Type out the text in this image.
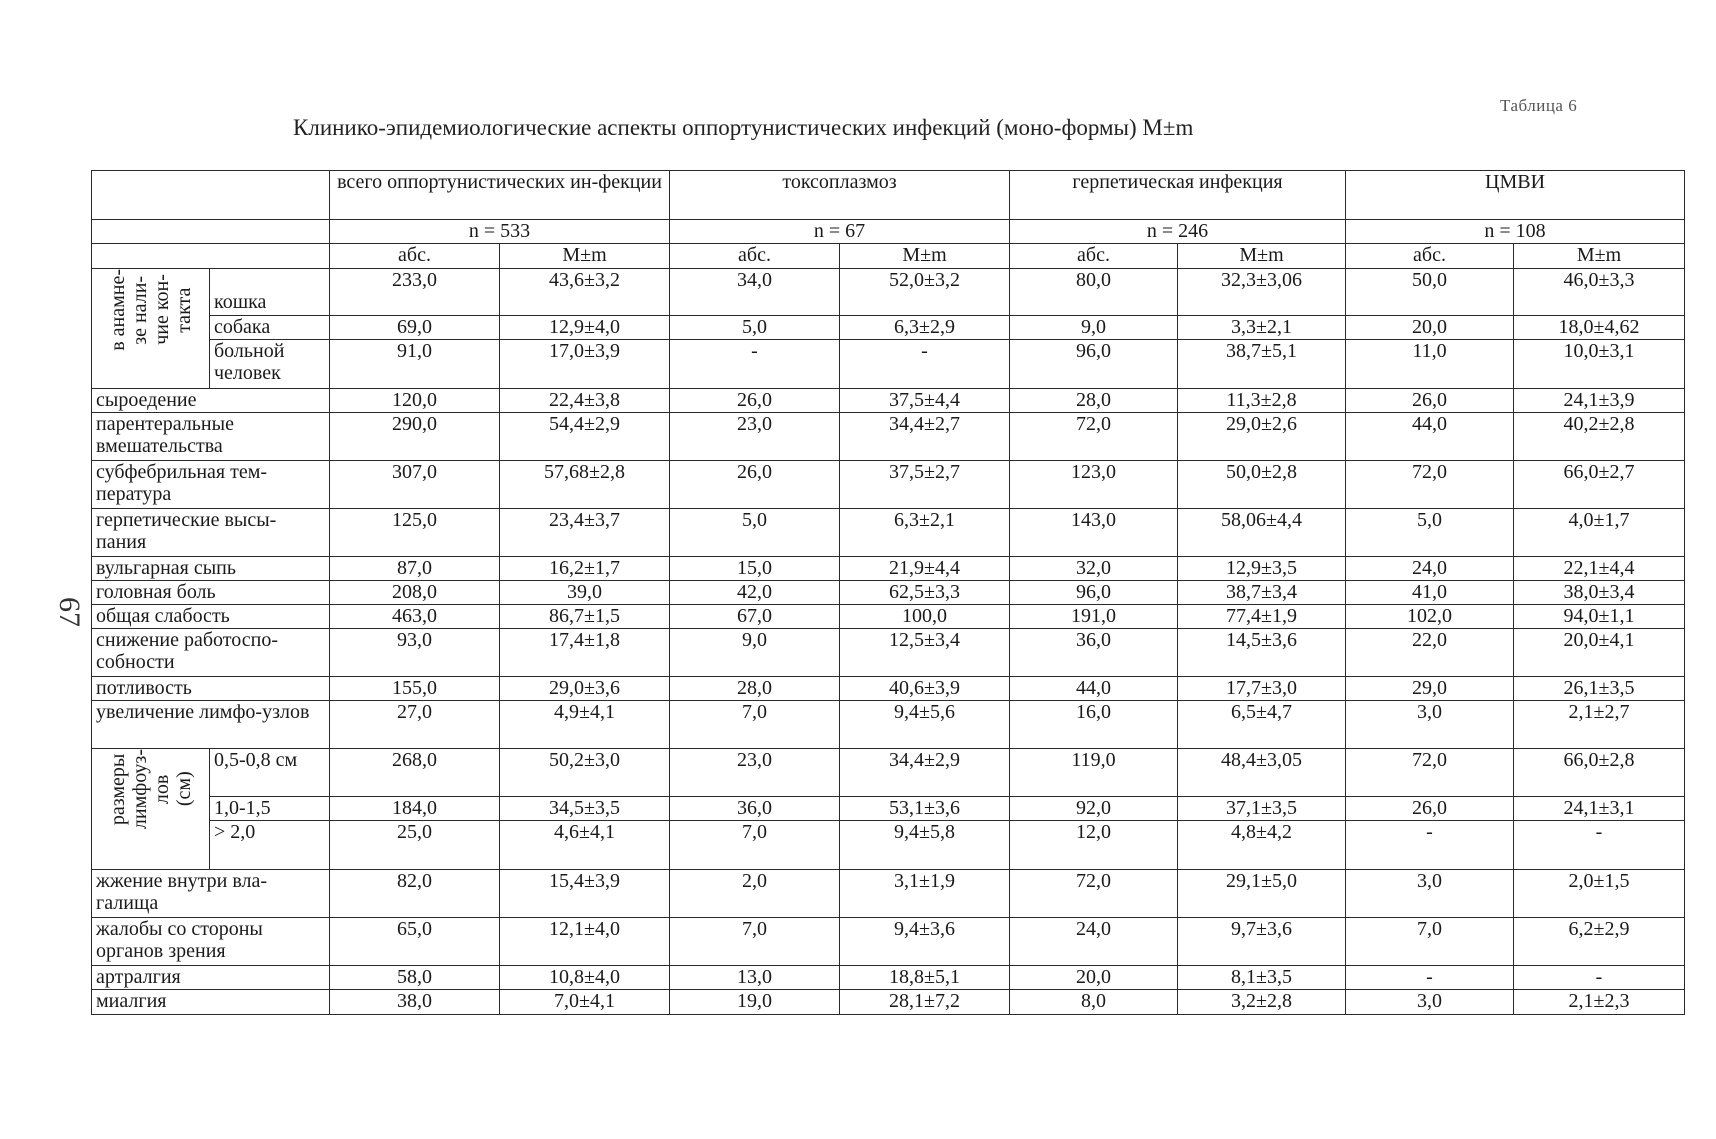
Таблица 6
Клинико-эпидемиологические аспекты оппортунистических инфекций (моно-формы) M±m
67
		всего оппортунистических ин-фекции		токсоплазмоз		герпетическая инфекция		ЦМВИ	
		n = 533		n = 67		n = 246		n = 108	
		абс.	M±m	абс.	M±m	абс.	M±m	абс.	M±m
в анамне-
зе нали-
чие кон-
такта	кошка	233,0	43,6±3,2	34,0	52,0±3,2	80,0	32,3±3,06	50,0	46,0±3,3
	собака	69,0	12,9±4,0	5,0	6,3±2,9	9,0	3,3±2,1	20,0	18,0±4,62
	больной человек	91,0	17,0±3,9	-	-	96,0	38,7±5,1	11,0	10,0±3,1
сыроедение		120,0	22,4±3,8	26,0	37,5±4,4	28,0	11,3±2,8	26,0	24,1±3,9
парентеральные вмешательства		290,0	54,4±2,9	23,0	34,4±2,7	72,0	29,0±2,6	44,0	40,2±2,8
субфебрильная тем-пература		307,0	57,68±2,8	26,0	37,5±2,7	123,0	50,0±2,8	72,0	66,0±2,7
герпетические высы-пания		125,0	23,4±3,7	5,0	6,3±2,1	143,0	58,06±4,4	5,0	4,0±1,7
вульгарная сыпь		87,0	16,2±1,7	15,0	21,9±4,4	32,0	12,9±3,5	24,0	22,1±4,4
головная боль		208,0	39,0	42,0	62,5±3,3	96,0	38,7±3,4	41,0	38,0±3,4
общая слабость		463,0	86,7±1,5	67,0	100,0	191,0	77,4±1,9	102,0	94,0±1,1
снижение работоспо-собности		93,0	17,4±1,8	9,0	12,5±3,4	36,0	14,5±3,6	22,0	20,0±4,1
потливость		155,0	29,0±3,6	28,0	40,6±3,9	44,0	17,7±3,0	29,0	26,1±3,5
увеличение лимфо-узлов		27,0	4,9±4,1	7,0	9,4±5,6	16,0	6,5±4,7	3,0	2,1±2,7
размеры
лимфоуз-
лов
(см)	0,5-0,8 см	268,0	50,2±3,0	23,0	34,4±2,9	119,0	48,4±3,05	72,0	66,0±2,8
	1,0-1,5	184,0	34,5±3,5	36,0	53,1±3,6	92,0	37,1±3,5	26,0	24,1±3,1
	> 2,0	25,0	4,6±4,1	7,0	9,4±5,8	12,0	4,8±4,2	-	-
жжение внутри вла-галища		82,0	15,4±3,9	2,0	3,1±1,9	72,0	29,1±5,0	3,0	2,0±1,5
жалобы со стороны органов зрения		65,0	12,1±4,0	7,0	9,4±3,6	24,0	9,7±3,6	7,0	6,2±2,9
артралгия		58,0	10,8±4,0	13,0	18,8±5,1	20,0	8,1±3,5	-	-
миалгия		38,0	7,0±4,1	19,0	28,1±7,2	8,0	3,2±2,8	3,0	2,1±2,3
